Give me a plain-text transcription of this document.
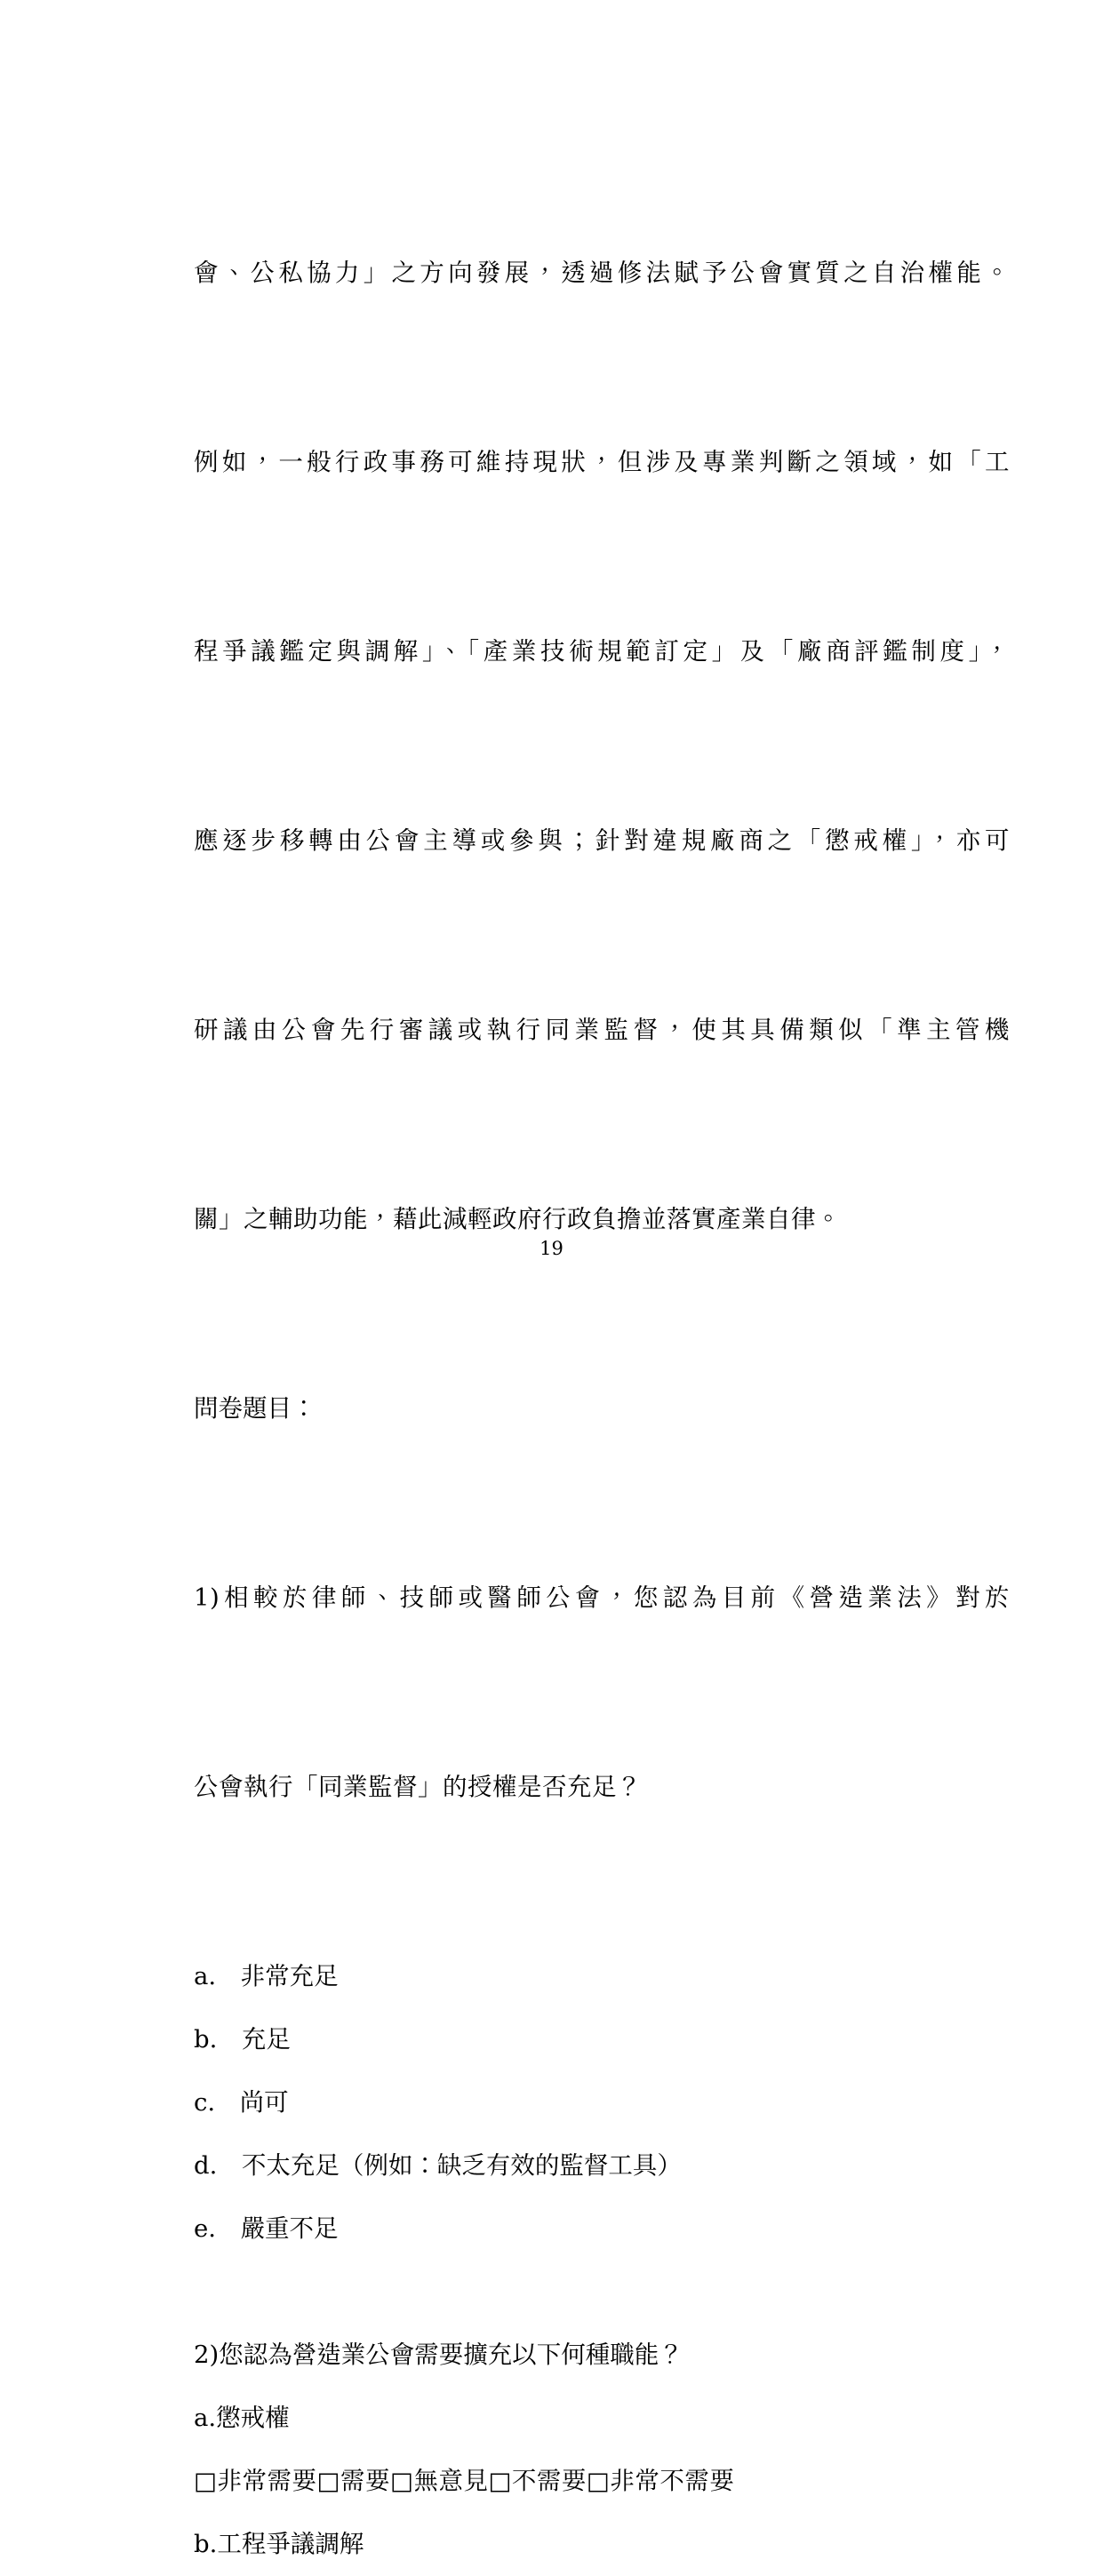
會、公私協力」之方向發展，透過修法賦予公會實質之自治權能。

例如，一般行政事務可維持現狀，但涉及專業判斷之領域，如「工

程爭議鑑定與調解」、「產業技術規範訂定」及「廠商評鑑制度」，

應逐步移轉由公會主導或參與；針對違規廠商之「懲戒權」，亦可

研議由公會先行審議或執行同業監督，使其具備類似「準主管機

關」之輔助功能，藉此減輕政府行政負擔並落實產業自律。

問卷題目：

1)相較於律師、技師或醫師公會，您認為目前《營造業法》對於

公會執行「同業監督」的授權是否充足？

a.　非常充足

b.　充足

c.　尚可

d.　不太充足（例如：缺乏有效的監督工具）

e.　嚴重不足

2)您認為營造業公會需要擴充以下何種職能？

a.懲戒權

□非常需要□需要□無意見□不需要□非常不需要

b.工程爭議調解

19
